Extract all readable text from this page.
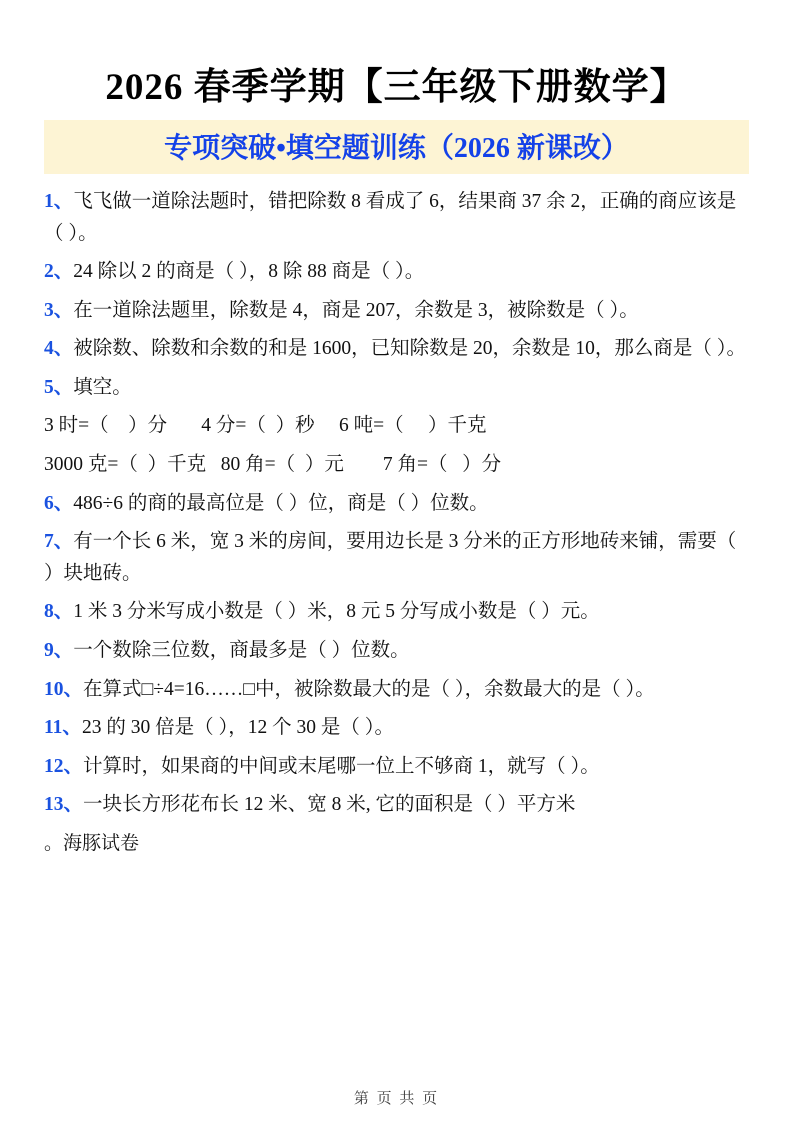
2026 春季学期【三年级下册数学】
专项突破•填空题训练（2026 新课改）
1、飞飞做一道除法题时，错把除数 8 看成了 6，结果商 37 余 2，正确的商应该是（ ）。
2、24 除以 2 的商是（ ），8 除 88 商是（ ）。
3、在一道除法题里，除数是 4，商是 207，余数是 3，被除数是（ ）。
4、被除数、除数和余数的和是 1600，已知除数是 20，余数是 10，那么商是（ ）。
5、填空。
3 时=（    ）分       4 分=（  ）秒     6 吨=（     ）千克
3000 克=（  ）千克   80 角=（  ）元        7 角=（   ）分
6、486÷6 的商的最高位是（ ）位，商是（ ）位数。
7、有一个长 6 米，宽 3 米的房间，要用边长是 3 分米的正方形地砖来铺，需要（ ）块地砖。
8、1 米 3 分米写成小数是（ ）米，8 元 5 分写成小数是（ ）元。
9、一个数除三位数，商最多是（ ）位数。
10、在算式□÷4=16……□中，被除数最大的是（ ），余数最大的是（ ）。
11、23 的 30 倍是（ ），12 个 30 是（ ）。
12、计算时，如果商的中间或末尾哪一位上不够商 1，就写（ ）。
13、一块长方形花布长 12 米、宽 8 米, 它的面积是（ ）平方米
。海豚试卷
第 页 共 页
